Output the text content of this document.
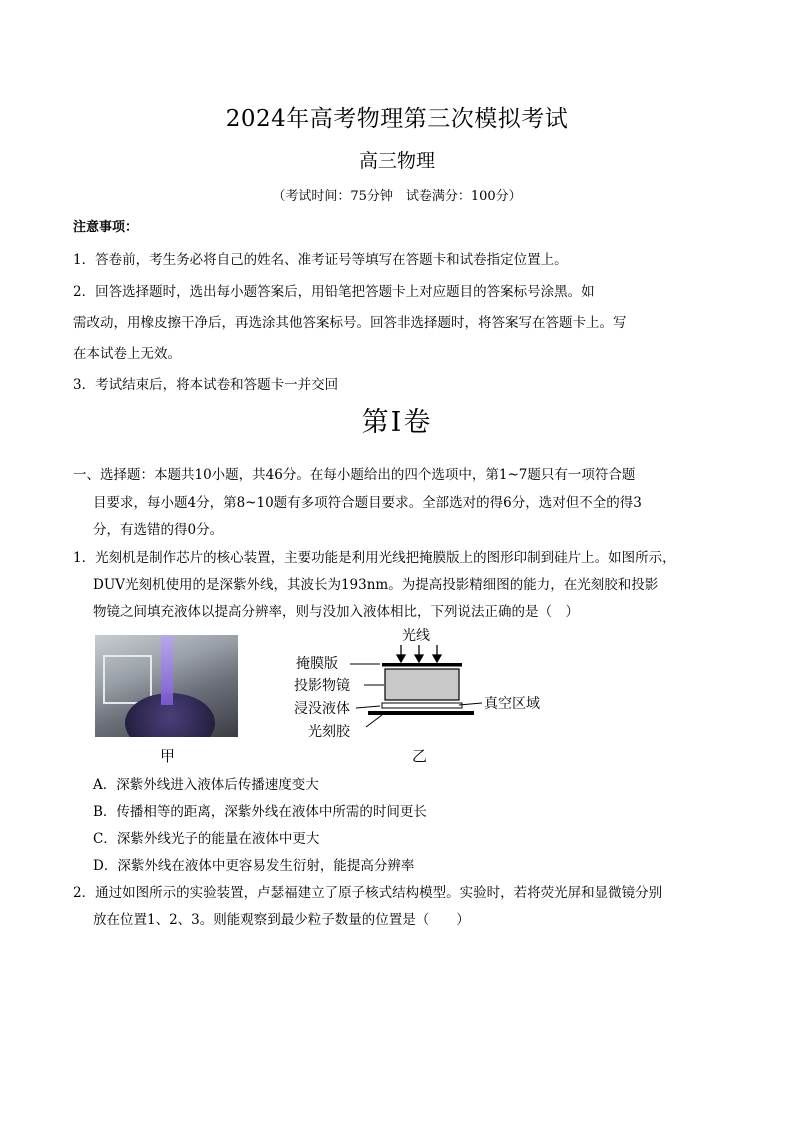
2024年高考物理第三次模拟考试
高三物理
（考试时间：75分钟　试卷满分：100分）
注意事项：
1．答卷前，考生务必将自己的姓名、准考证号等填写在答题卡和试卷指定位置上。
2．回答选择题时，选出每小题答案后，用铅笔把答题卡上对应题目的答案标号涂黑。如
需改动，用橡皮擦干净后，再选涂其他答案标号。回答非选择题时，将答案写在答题卡上。写
在本试卷上无效。
3．考试结束后，将本试卷和答题卡一并交回
第Ⅰ卷
一、选择题：本题共10小题，共46分。在每小题给出的四个选项中，第1~7题只有一项符合题
目要求，每小题4分，第8~10题有多项符合题目要求。全部选对的得6分，选对但不全的得3
分，有选错的得0分。
1．光刻机是制作芯片的核心装置，主要功能是利用光线把掩膜版上的图形印制到硅片上。如图所示，
DUV光刻机使用的是深紫外线，其波长为193nm。为提高投影精细图的能力，在光刻胶和投影
物镜之间填充液体以提高分辨率，则与没加入液体相比，下列说法正确的是（　）
甲
光线
掩膜版
投影物镜
浸没液体
光刻胶
真空区域
乙
A．深紫外线进入液体后传播速度变大
B．传播相等的距离，深紫外线在液体中所需的时间更长
C．深紫外线光子的能量在液体中更大
D．深紫外线在液体中更容易发生衍射，能提高分辨率
2．通过如图所示的实验装置，卢瑟福建立了原子核式结构模型。实验时，若将荧光屏和显微镜分别
放在位置1、2、3。则能观察到最少粒子数量的位置是（　　）
